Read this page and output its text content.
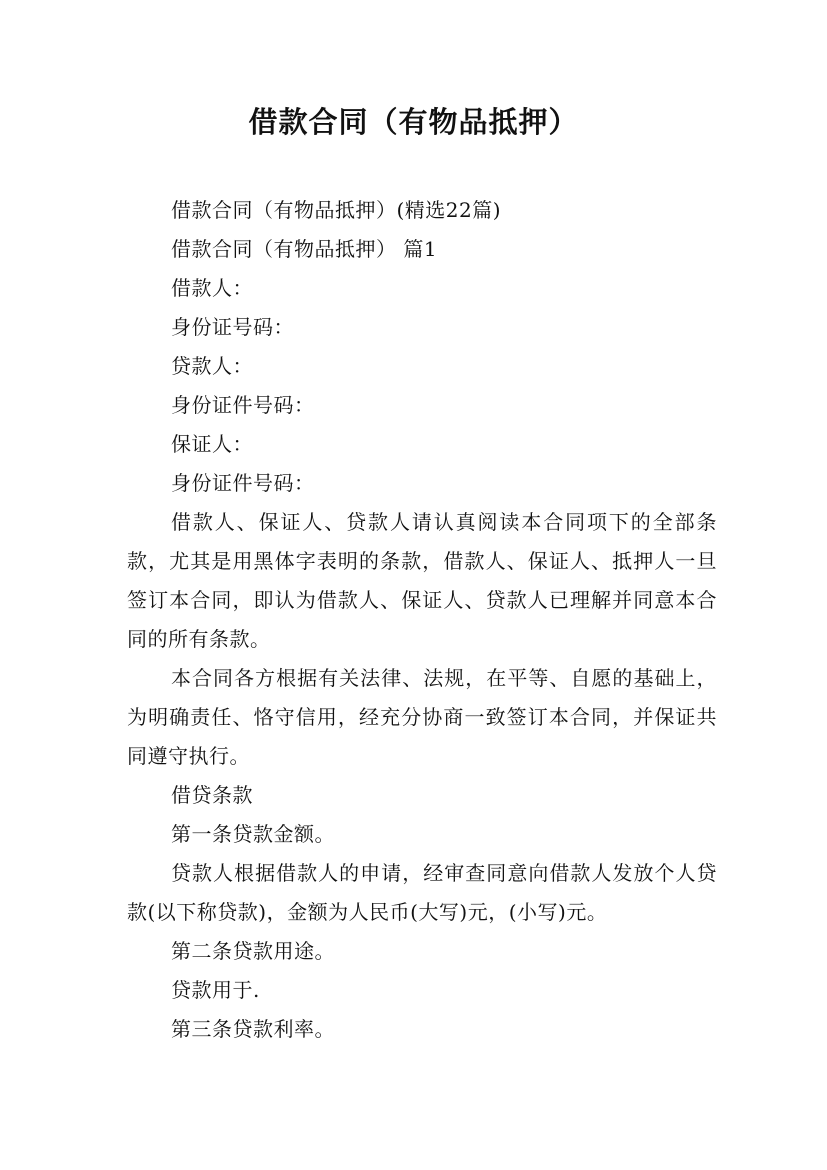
借款合同（有物品抵押）

借款合同（有物品抵押）(精选22篇)

借款合同（有物品抵押） 篇1

借款人：

身份证号码：

贷款人：

身份证件号码：

保证人：

身份证件号码：

借款人、保证人、贷款人请认真阅读本合同项下的全部条款，尤其是用黑体字表明的条款，借款人、保证人、抵押人一旦签订本合同，即认为借款人、保证人、贷款人已理解并同意本合同的所有条款。

本合同各方根据有关法律、法规，在平等、自愿的基础上，为明确责任、恪守信用，经充分协商一致签订本合同，并保证共同遵守执行。

借贷条款

第一条贷款金额。

贷款人根据借款人的申请，经审查同意向借款人发放个人贷款(以下称贷款)，金额为人民币(大写)元，(小写)元。

第二条贷款用途。

贷款用于.

第三条贷款利率。
